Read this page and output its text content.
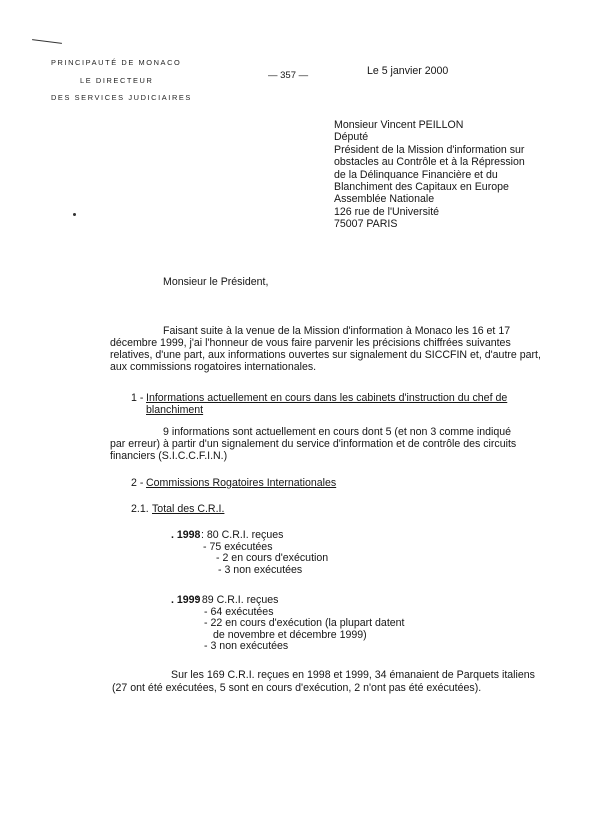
PRINCIPAUTÉ DE MONACO
LE DIRECTEUR
DES SERVICES JUDICIAIRES
— 357 —	Le 5 janvier 2000
Monsieur Vincent PEILLON
Député
Président de la Mission d'information sur
obstacles au Contrôle et à la Répression
de la Délinquance Financière et du
Blanchiment des Capitaux en Europe
Assemblée Nationale
126 rue de l'Université
75007 PARIS
Monsieur le Président,
Faisant suite à la venue de la Mission d'information à Monaco les 16 et 17
décembre 1999, j'ai l'honneur de vous faire parvenir les précisions chiffrées suivantes
relatives, d'une part, aux informations ouvertes sur signalement du SICCFIN et, d'autre part,
aux commissions rogatoires internationales.
1 - Informations actuellement en cours dans les cabinets d'instruction du chef de
blanchiment
9 informations sont actuellement en cours dont 5 (et non 3 comme indiqué
par erreur) à partir d'un signalement du service d'information et de contrôle des circuits
financiers (S.I.C.C.F.I.N.)
2 - Commissions Rogatoires Internationales
2.1. Total des C.R.I.
. 1998 : 80 C.R.I. reçues
- 75 exécutées
- 2 en cours d'exécution
- 3 non exécutées
. 1999
: 89 C.R.I. reçues
- 64 exécutées
- 22 en cours d'exécution (la plupart datent
de novembre et décembre 1999)
- 3 non exécutées
Sur les 169 C.R.I. reçues en 1998 et 1999, 34 émanaient de Parquets italiens
(27 ont été exécutées, 5 sont en cours d'exécution, 2 n'ont pas été exécutées).
